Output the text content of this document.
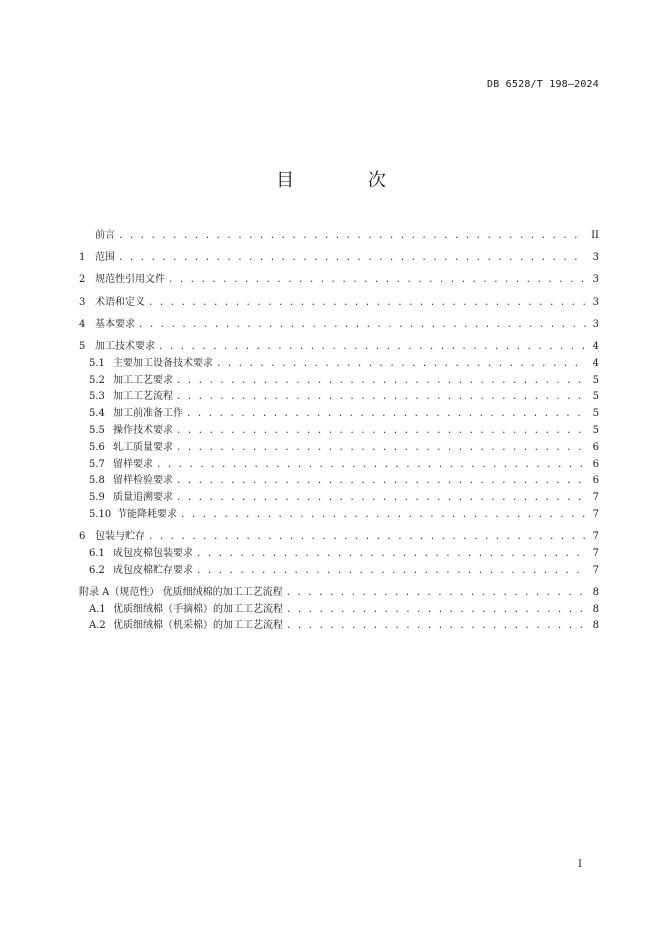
DB 6528/T 198—2024
目 次
前言 . . .	II
1 范围 . . .	3
2 规范性引用文件 . . .	3
3 术语和定义 . . .	3
4 基本要求 . . .	3
5 加工技术要求 . . .	4
5.1 主要加工设备技术要求 . . .	4
5.2 加工工艺要求 . . .	5
5.3 加工工艺流程 . . .	5
5.4 加工前准备工作 . . .	5
5.5 操作技术要求 . . .	5
5.6 轧工质量要求 . . .	6
5.7 留样要求 . . .	6
5.8 留样检验要求 . . .	6
5.9 质量追溯要求 . . .	7
5.10 节能降耗要求 . . .	7
6 包装与贮存 . . .	7
6.1 成包皮棉包装要求 . . .	7
6.2 成包皮棉贮存要求 . . .	7
附录 A（规范性） 优质细绒棉的加工工艺流程 . . .	8
A.1 优质细绒棉（手摘棉）的加工工艺流程 . . .	8
A.2 优质细绒棉（机采棉）的加工工艺流程 . . .	8
I
